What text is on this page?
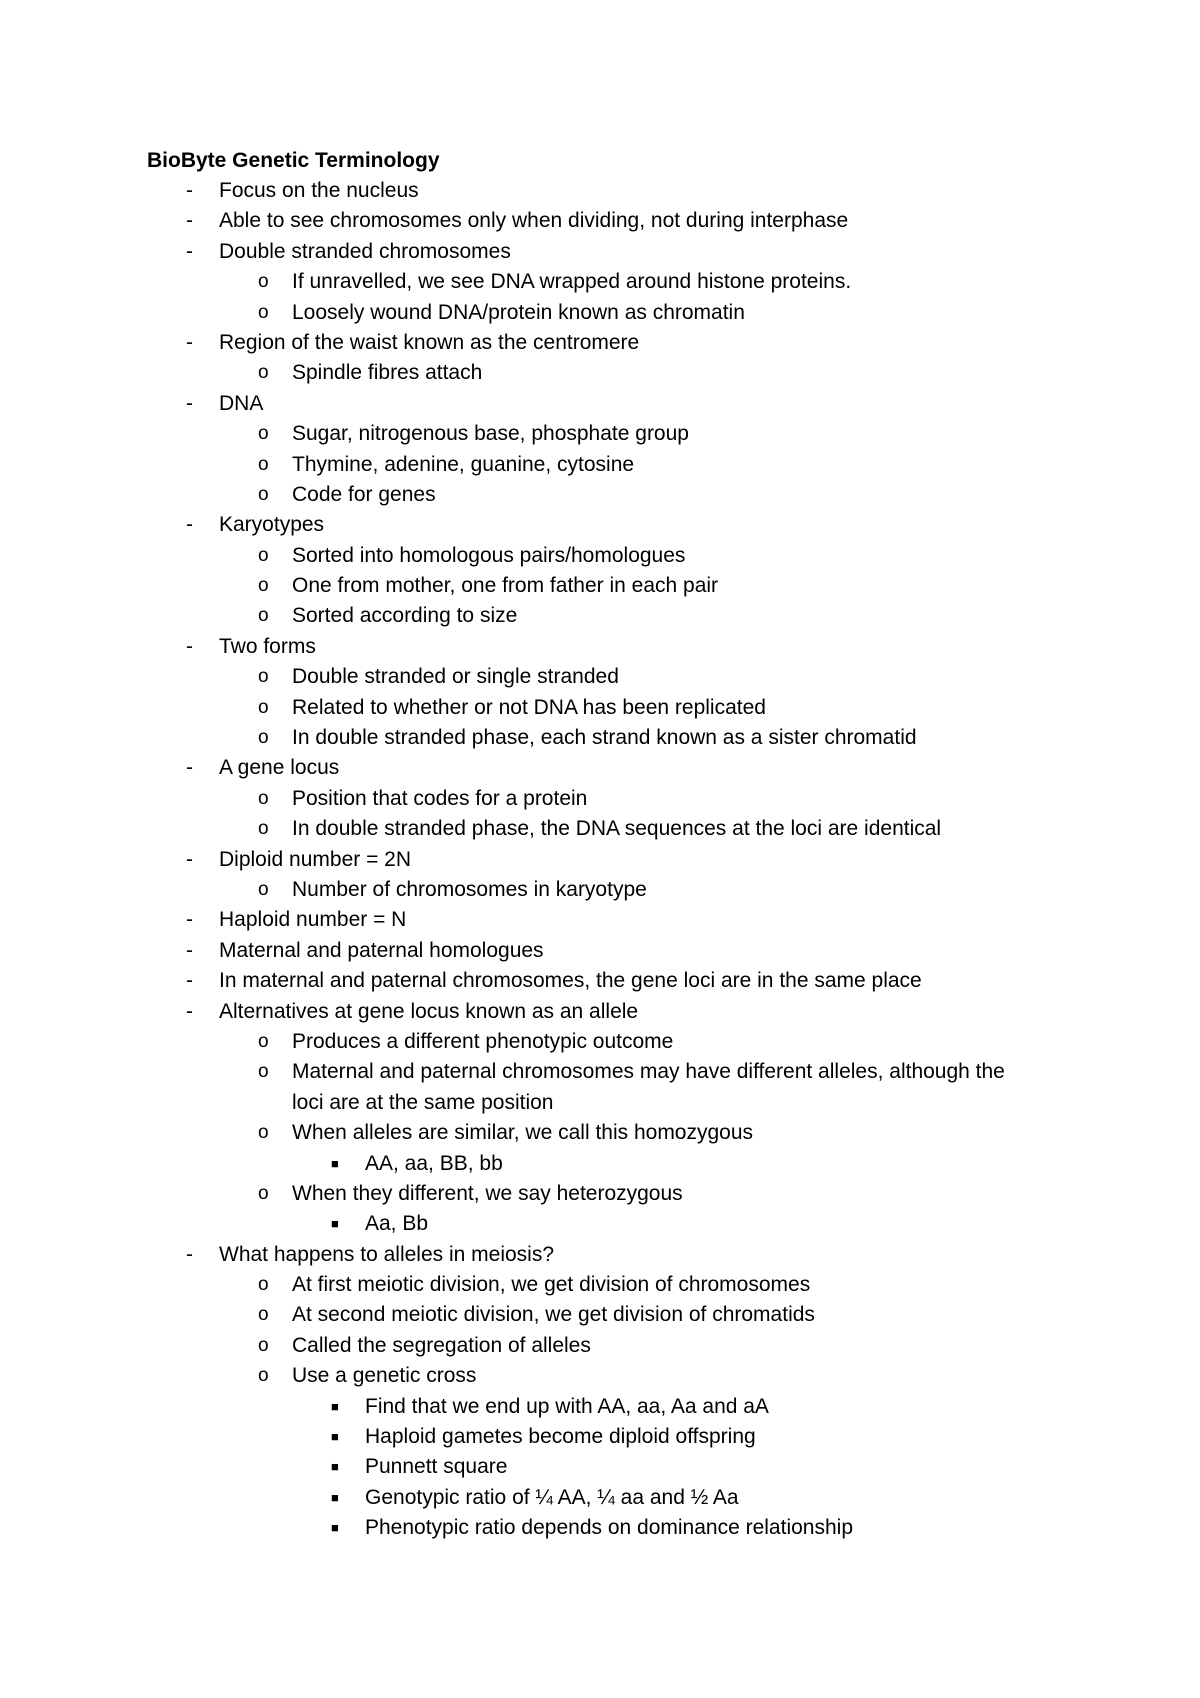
BioByte Genetic Terminology
-	Focus on the nucleus
-	Able to see chromosomes only when dividing, not during interphase
-	Double stranded chromosomes
o	If unravelled, we see DNA wrapped around histone proteins.
o	Loosely wound DNA/protein known as chromatin
-	Region of the waist known as the centromere
o	Spindle fibres attach
-	DNA
o	Sugar, nitrogenous base, phosphate group
o	Thymine, adenine, guanine, cytosine
o	Code for genes
-	Karyotypes
o	Sorted into homologous pairs/homologues
o	One from mother, one from father in each pair
o	Sorted according to size
-	Two forms
o	Double stranded or single stranded
o	Related to whether or not DNA has been replicated
o	In double stranded phase, each strand known as a sister chromatid
-	A gene locus
o	Position that codes for a protein
o	In double stranded phase, the DNA sequences at the loci are identical
-	Diploid number = 2N
o	Number of chromosomes in karyotype
-	Haploid number = N
-	Maternal and paternal homologues
-	In maternal and paternal chromosomes, the gene loci are in the same place
-	Alternatives at gene locus known as an allele
o	Produces a different phenotypic outcome
o	Maternal and paternal chromosomes may have different alleles, although the
loci are at the same position
o	When alleles are similar, we call this homozygous
■	AA, aa, BB, bb
o	When they different, we say heterozygous
■	Aa, Bb
-	What happens to alleles in meiosis?
o	At first meiotic division, we get division of chromosomes
o	At second meiotic division, we get division of chromatids
o	Called the segregation of alleles
o	Use a genetic cross
■	Find that we end up with AA, aa, Aa and aA
■	Haploid gametes become diploid offspring
■	Punnett square
■	Genotypic ratio of ¼ AA, ¼ aa and ½ Aa
■	Phenotypic ratio depends on dominance relationship
